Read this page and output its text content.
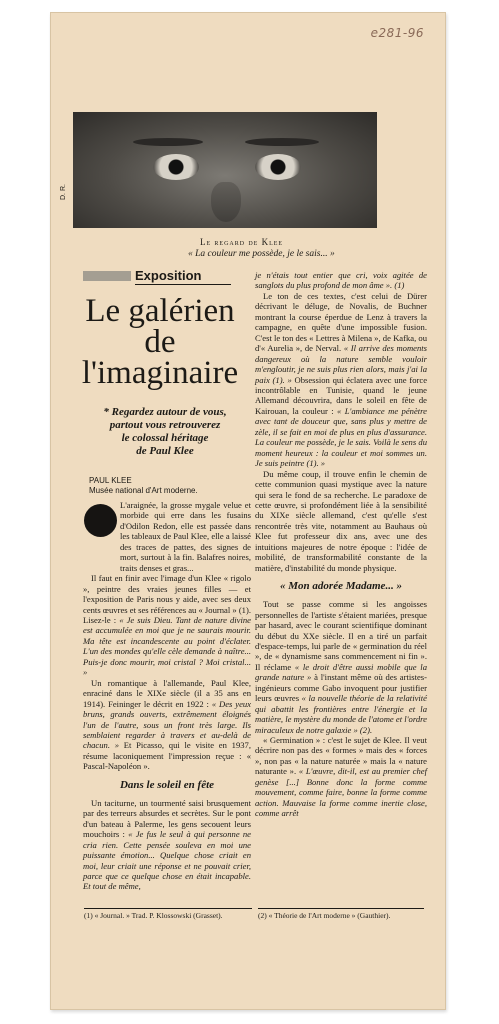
e281-96
D. R.
Le regard de Klee
« La couleur me possède, je le sais... »
Exposition
Le galérien
de
l'imaginaire
* Regardez autour de vous,
partout vous retrouverez
le colossal héritage
de Paul Klee
PAUL KLEE
Musée national d'Art moderne.

L'araignée, la grosse mygale velue et morbide qui erre dans les fusains d'Odilon Redon, elle est passée dans les tableaux de Paul Klee, elle a laissé des traces de pattes, des signes de mort, surtout à la fin. Balafres noires, traits denses et gras...

Il faut en finir avec l'image d'un Klee « rigolo », peintre des vraies jeunes filles — et l'exposition de Paris nous y aide, avec ses deux cents œuvres et ses références au « Journal » (1). Lisez-le : « Je suis Dieu. Tant de nature divine est accumulée en moi que je ne saurais mourir. Ma tête est incandescente au point d'éclater. L'un des mondes qu'elle cèle demande à naître... Puis-je donc mourir, moi cristal ? Moi cristal... »

Un romantique à l'allemande, Paul Klee, enraciné dans le XIXe siècle (il a 35 ans en 1914). Feininger le décrit en 1922 : « Des yeux bruns, grands ouverts, extrêmement éloignés l'un de l'autre, sous un front très large. Ils semblaient regarder à travers et au-delà de chacun. » Et Picasso, qui le visite en 1937, résume laconiquement l'impression reçue : « Pascal-Napoléon ».

Dans le soleil en fête

Un taciturne, un tourmenté saisi brusquement par des terreurs absurdes et secrètes. Sur le pont d'un bateau à Palerme, les gens secouent leurs mouchoirs : « Je fus le seul à qui personne ne cria rien. Cette pensée souleva en moi une puissante émotion... Quelque chose criait en moi, leur criait une réponse et ne pouvait crier, parce que ce quelque chose en était incapable. Et tout de même,

je n'étais tout entier que cri, voix agitée de sanglots du plus profond de mon âme ». (1)

Le ton de ces textes, c'est celui de Dürer décrivant le déluge, de Novalis, de Buchner montrant la course éperdue de Lenz à travers la campagne, en quête d'une impossible fusion. C'est le ton des « Lettres à Milena », de Kafka, ou d'« Aurelia », de Nerval. « Il arrive des moments dangereux où la nature semble vouloir m'engloutir, je ne suis plus rien alors, mais j'ai la paix (1). » Obsession qui éclatera avec une force incontrôlable en Tunisie, quand le jeune Allemand découvrira, dans le soleil en fête de Kairouan, la couleur : « L'ambiance me pénètre avec tant de douceur que, sans plus y mettre de zèle, il se fait en moi de plus en plus d'assurance. La couleur me possède, je le sais. Voilà le sens du moment heureux : la couleur et moi sommes un. Je suis peintre (1). »

Du même coup, il trouve enfin le chemin de cette communion quasi mystique avec la nature qui sera le fond de sa recherche. Le paradoxe de cette œuvre, si profondément liée à la sensibilité du XIXe siècle allemand, c'est qu'elle s'est rencontrée très vite, notamment au Bauhaus où Klee fut professeur dix ans, avec une des intuitions majeures de notre époque : l'idée de mobilité, de transformabilité constante de la matière, d'instabilité du monde physique.

« Mon adorée Madame... »

Tout se passe comme si les angoisses personnelles de l'artiste s'étaient mariées, presque par hasard, avec le courant scientifique dominant du début du XXe siècle. Il en a tiré un parfait d'espace-temps, lui parle de « germination du réel », de « dynamisme sans commencement ni fin ». Il réclame « le droit d'être aussi mobile que la grande nature » à l'instant même où des artistes-ingénieurs comme Gabo invoquent pour justifier leurs œuvres « la nouvelle théorie de la relativité qui abattit les frontières entre l'énergie et la matière, le mystère du monde de l'atome et l'ordre miraculeux de notre galaxie » (2).

« Germination » : c'est le sujet de Klee. Il veut décrire non pas des « formes » mais des « forces », non pas « la nature naturée » mais la « nature naturante ». « L'œuvre, dit-il, est au premier chef genèse [...] Bonne donc la forme comme mouvement, comme faire, bonne la forme comme action. Mauvaise la forme comme inertie close, comme arrêt

(1) « Journal. » Trad. P. Klossowski (Grasset).	(2) « Théorie de l'Art moderne » (Gauthier).
